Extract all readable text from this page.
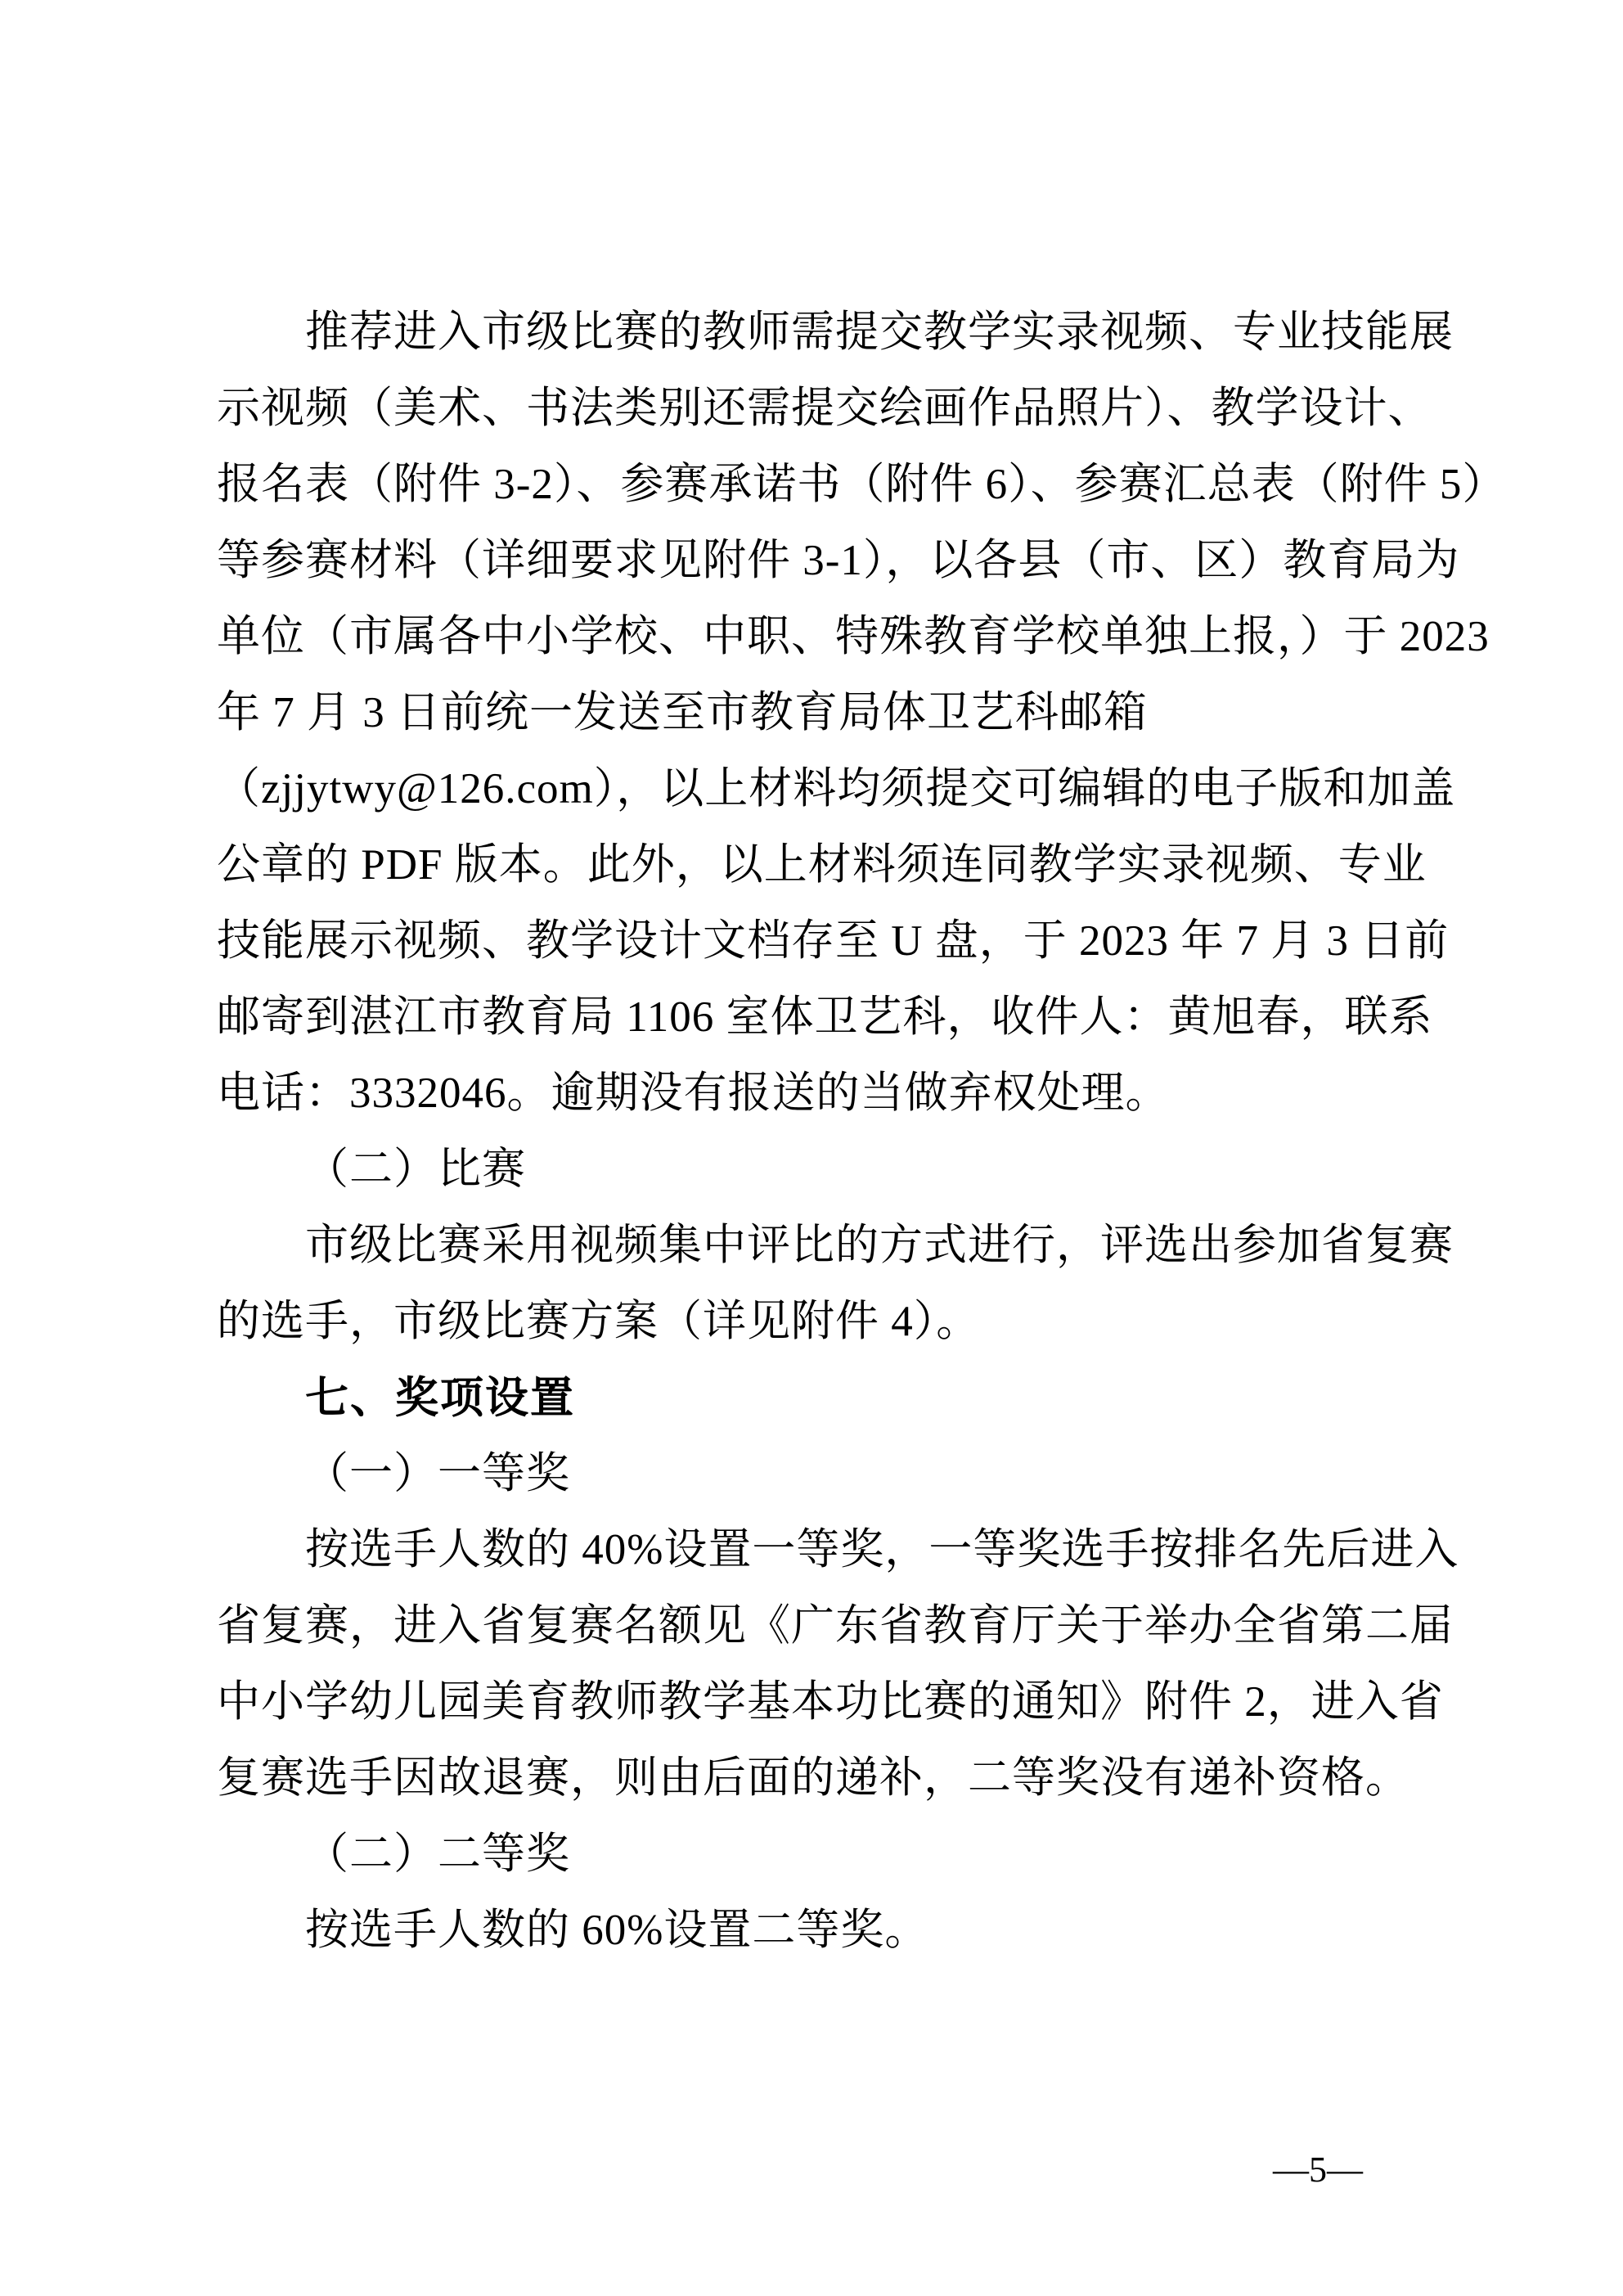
推荐进入市级比赛的教师需提交教学实录视频、专业技能展
示视频（美术、书法类别还需提交绘画作品照片）、教学设计、
报名表（附件 3-2）、参赛承诺书（附件 6）、参赛汇总表（附件 5）
等参赛材料（详细要求见附件 3-1），以各县（市、区）教育局为
单位（市属各中小学校、中职、特殊教育学校单独上报，）于 2023
年 7 月 3 日前统一发送至市教育局体卫艺科邮箱
（zjjytwy@126.com），以上材料均须提交可编辑的电子版和加盖
公章的 PDF 版本。此外，以上材料须连同教学实录视频、专业
技能展示视频、教学设计文档存至 U 盘，于 2023 年 7 月 3 日前
邮寄到湛江市教育局 1106 室体卫艺科，收件人：黄旭春，联系
电话：3332046。逾期没有报送的当做弃权处理。
（二）比赛
市级比赛采用视频集中评比的方式进行，评选出参加省复赛
的选手，市级比赛方案（详见附件 4）。
七、奖项设置
（一）一等奖
按选手人数的 40%设置一等奖，一等奖选手按排名先后进入
省复赛，进入省复赛名额见《广东省教育厅关于举办全省第二届
中小学幼儿园美育教师教学基本功比赛的通知》附件 2，进入省
复赛选手因故退赛，则由后面的递补，二等奖没有递补资格。
（二）二等奖
按选手人数的 60%设置二等奖。
—5—
